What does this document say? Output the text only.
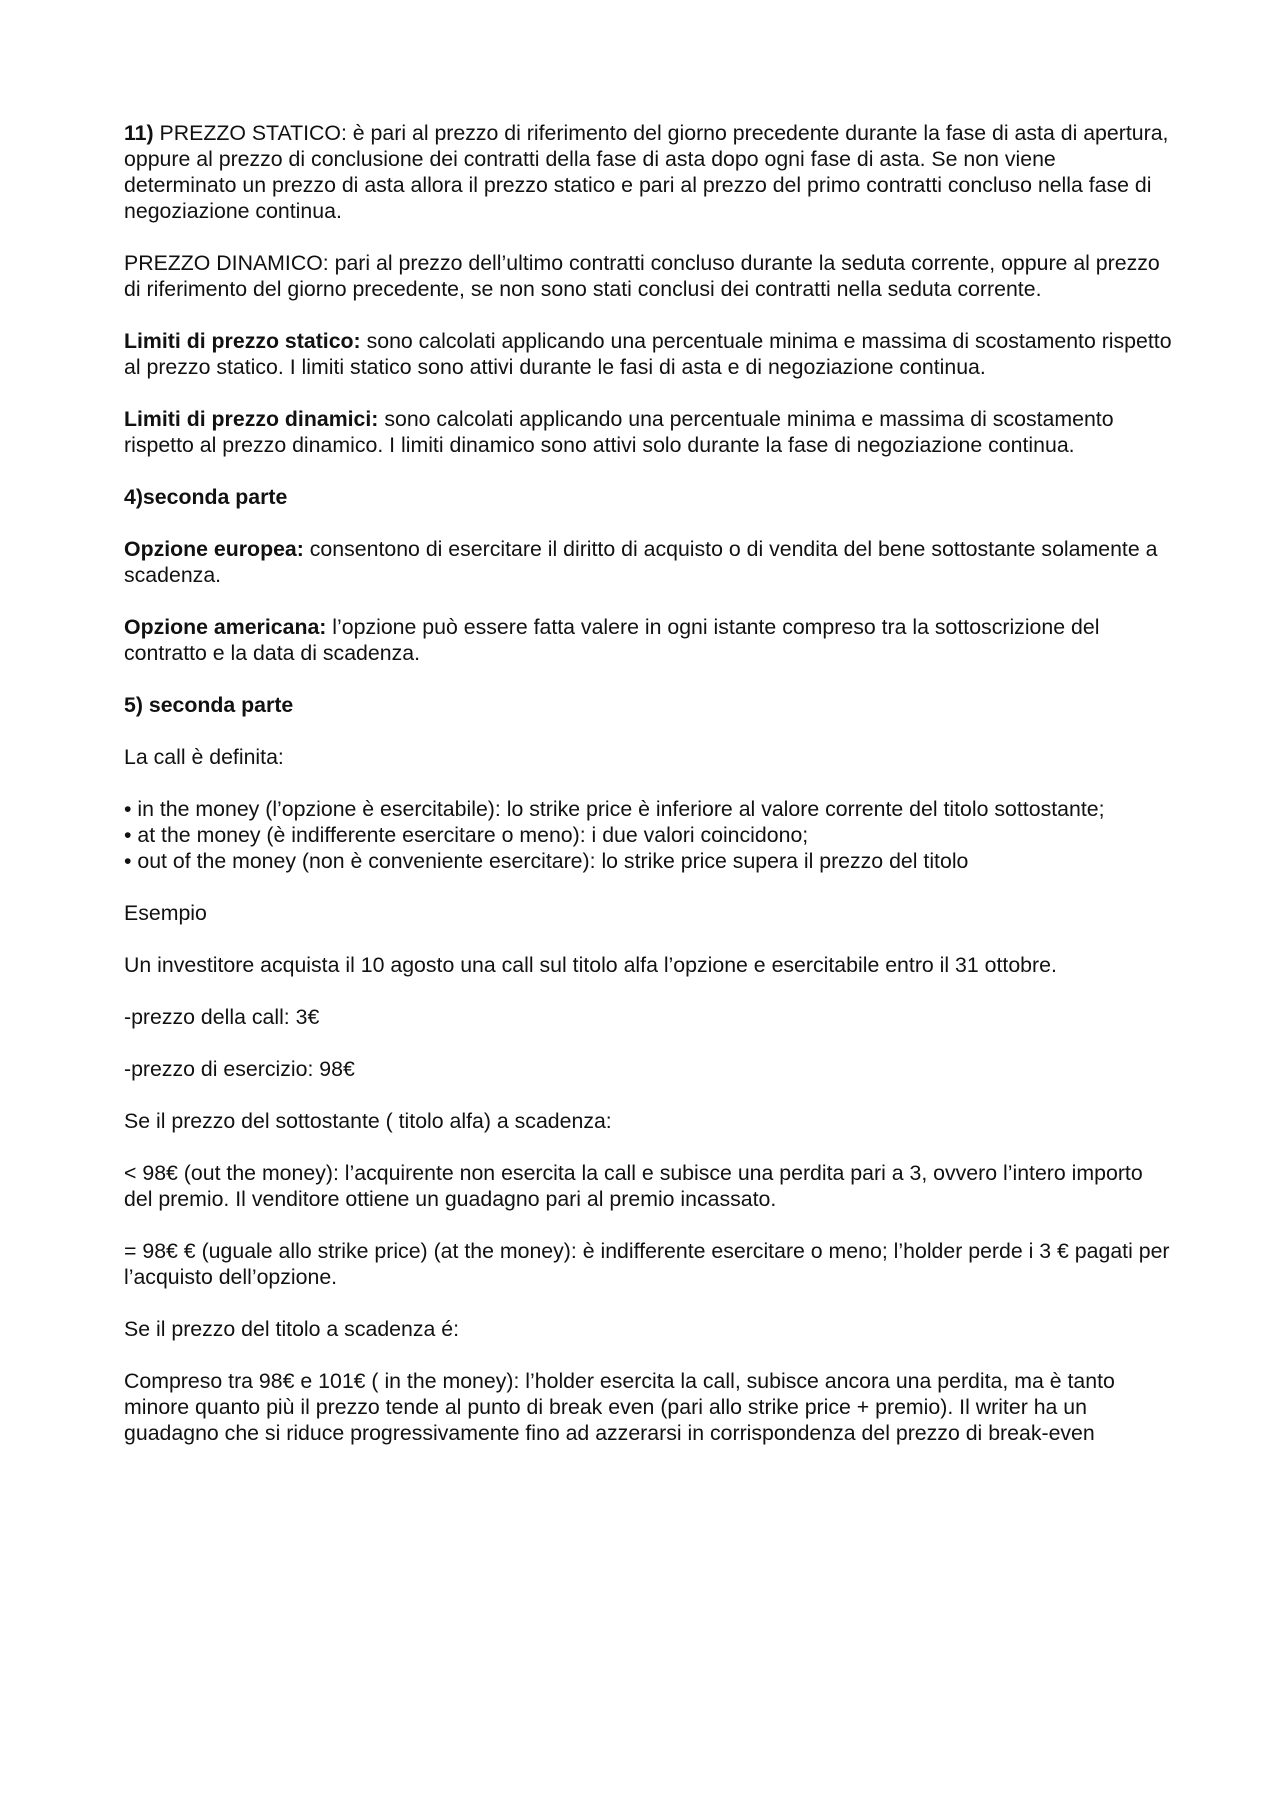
11) PREZZO STATICO: è pari al prezzo di riferimento del giorno precedente durante la fase di asta di apertura, oppure al prezzo di conclusione dei contratti della fase di asta dopo ogni fase di asta. Se non viene determinato un prezzo di asta allora il prezzo statico e pari al prezzo del primo contratti concluso nella fase di negoziazione continua.

PREZZO DINAMICO: pari al prezzo dell’ultimo contratti concluso durante la seduta corrente, oppure al prezzo di riferimento del giorno precedente, se non sono stati conclusi dei contratti nella seduta corrente.

Limiti di prezzo statico: sono calcolati applicando una percentuale minima e massima di scostamento rispetto al prezzo statico. I limiti statico sono attivi durante le fasi di asta e di negoziazione continua.

Limiti di prezzo dinamici: sono calcolati applicando una percentuale minima e massima di scostamento rispetto al prezzo dinamico. I limiti dinamico sono attivi solo durante la fase di negoziazione continua.

4)seconda parte

Opzione europea: consentono di esercitare il diritto di acquisto o di vendita del bene sottostante solamente a scadenza.

Opzione americana: l’opzione può essere fatta valere in ogni istante compreso tra la sottoscrizione del contratto e la data di scadenza.

5) seconda parte

La call è definita:

• in the money (l’opzione è esercitabile): lo strike price è inferiore al valore corrente del titolo sottostante;
• at the money (è indifferente esercitare o meno): i due valori coincidono;
• out of the money (non è conveniente esercitare): lo strike price supera il prezzo del titolo

Esempio

Un investitore acquista il 10 agosto una call sul titolo alfa l’opzione e esercitabile entro il 31 ottobre.

-prezzo della call: 3€

-prezzo di esercizio: 98€

Se il prezzo del sottostante ( titolo alfa) a scadenza:

< 98€ (out the money): l’acquirente non esercita la call e subisce una perdita pari a 3, ovvero l’intero importo del premio. Il venditore ottiene un guadagno pari al premio incassato.

= 98€ € (uguale allo strike price) (at the money): è indifferente esercitare o meno; l’holder perde i 3 € pagati per l’acquisto dell’opzione.

Se il prezzo del titolo a scadenza é:

Compreso tra 98€ e 101€ ( in the money): l’holder esercita la call, subisce ancora una perdita, ma è tanto minore quanto più il prezzo tende al punto di break even (pari allo strike price + premio). Il writer ha un guadagno che si riduce progressivamente fino ad azzerarsi in corrispondenza del prezzo di break-even
